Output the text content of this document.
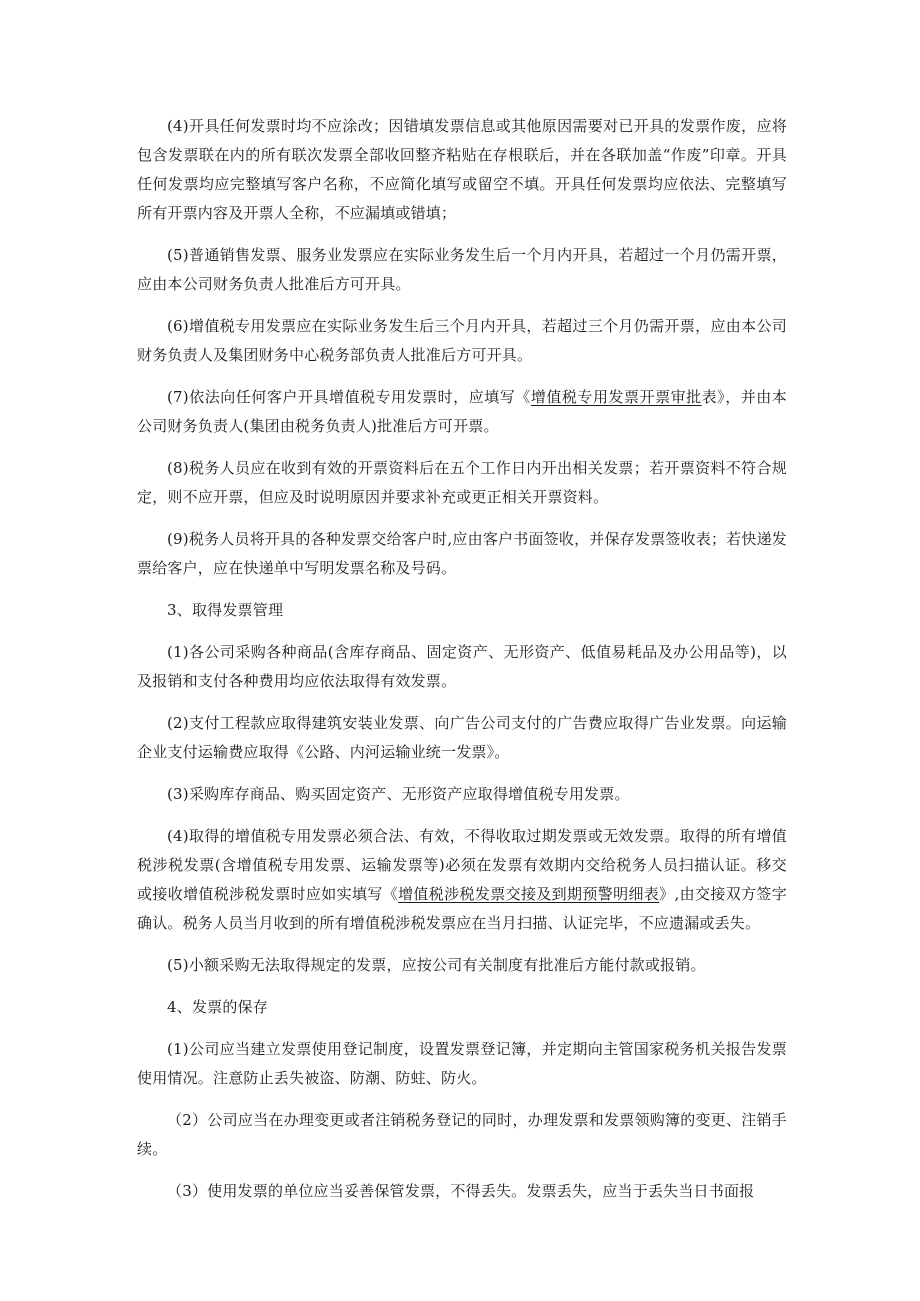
(4)开具任何发票时均不应涂改；因错填发票信息或其他原因需要对已开具的发票作废，应将包含发票联在内的所有联次发票全部收回整齐粘贴在存根联后，并在各联加盖“作废”印章。开具任何发票均应完整填写客户名称，不应简化填写或留空不填。开具任何发票均应依法、完整填写所有开票内容及开票人全称，不应漏填或错填；

(5)普通销售发票、服务业发票应在实际业务发生后一个月内开具，若超过一个月仍需开票，应由本公司财务负责人批准后方可开具。

(6)增值税专用发票应在实际业务发生后三个月内开具，若超过三个月仍需开票，应由本公司财务负责人及集团财务中心税务部负责人批准后方可开具。

(7)依法向任何客户开具增值税专用发票时，应填写《增值税专用发票开票审批表》，并由本公司财务负责人(集团由税务负责人)批准后方可开票。

(8)税务人员应在收到有效的开票资料后在五个工作日内开出相关发票；若开票资料不符合规定，则不应开票，但应及时说明原因并要求补充或更正相关开票资料。

(9)税务人员将开具的各种发票交给客户时,应由客户书面签收，并保存发票签收表；若快递发票给客户，应在快递单中写明发票名称及号码。

3、取得发票管理

(1)各公司采购各种商品(含库存商品、固定资产、无形资产、低值易耗品及办公用品等)，以及报销和支付各种费用均应依法取得有效发票。

(2)支付工程款应取得建筑安装业发票、向广告公司支付的广告费应取得广告业发票。向运输企业支付运输费应取得《公路、内河运输业统一发票》。

(3)采购库存商品、购买固定资产、无形资产应取得增值税专用发票。

(4)取得的增值税专用发票必须合法、有效，不得收取过期发票或无效发票。取得的所有增值税涉税发票(含增值税专用发票、运输发票等)必须在发票有效期内交给税务人员扫描认证。移交或接收增值税涉税发票时应如实填写《增值税涉税发票交接及到期预警明细表》,由交接双方签字确认。税务人员当月收到的所有增值税涉税发票应在当月扫描、认证完毕，不应遗漏或丢失。

(5)小额采购无法取得规定的发票，应按公司有关制度有批准后方能付款或报销。

4、发票的保存

(1)公司应当建立发票使用登记制度，设置发票登记簿，并定期向主管国家税务机关报告发票使用情况。注意防止丢失被盗、防潮、防蛀、防火。

（2）公司应当在办理变更或者注销税务登记的同时，办理发票和发票领购簿的变更、注销手续。

（3）使用发票的单位应当妥善保管发票，不得丢失。发票丢失，应当于丢失当日书面报
